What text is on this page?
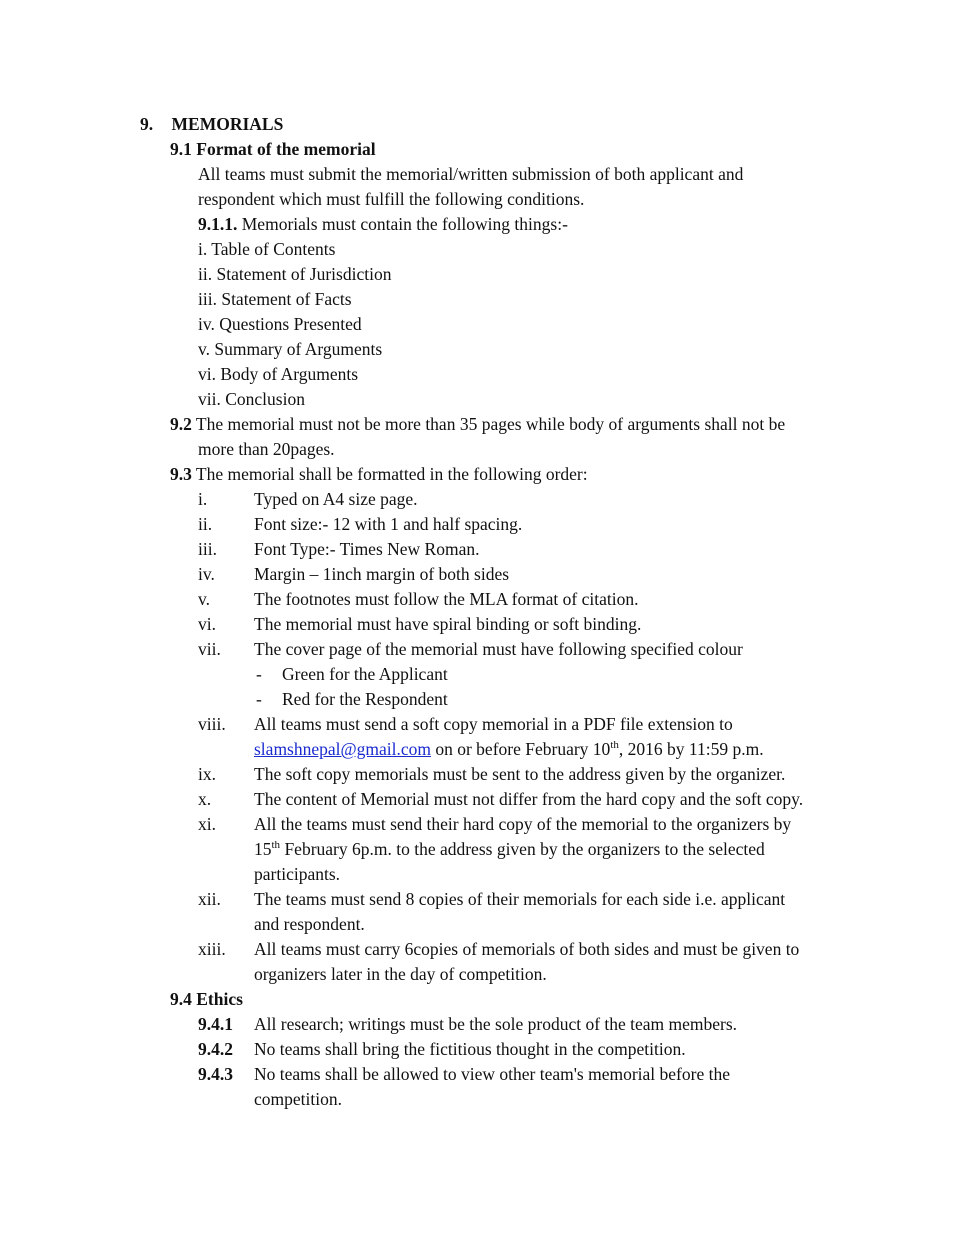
9. MEMORIALS
9.1 Format of the memorial
All teams must submit the memorial/written submission of both applicant and
respondent which must fulfill the following conditions.
9.1.1. Memorials must contain the following things:-
i. Table of Contents
ii. Statement of Jurisdiction
iii. Statement of Facts
iv. Questions Presented
v. Summary of Arguments
vi. Body of Arguments
vii. Conclusion
9.2 The memorial must not be more than 35 pages while body of arguments shall not be
more than 20pages.
9.3 The memorial shall be formatted in the following order:
i.	Typed on A4 size page.
ii. Font size:- 12 with 1 and half spacing.
iii. Font Type:- Times New Roman.
iv. Margin – 1inch margin of both sides
v.	The footnotes must follow the MLA format of citation.
vi. The memorial must have spiral binding or soft binding.
vii. The cover page of the memorial must have following specified colour
- Green for the Applicant
- Red for the Respondent
viii. All teams must send a soft copy memorial in a PDF file extension to
slamshnepal@gmail.com on or before February 10th, 2016 by 11:59 p.m.
ix. The soft copy memorials must be sent to the address given by the organizer.
x. The content of Memorial must not differ from the hard copy and the soft copy.
xi. All the teams must send their hard copy of the memorial to the organizers by
15th February 6p.m. to the address given by the organizers to the selected
participants.
xii. The teams must send 8 copies of their memorials for each side i.e. applicant
and respondent.
xiii. All teams must carry 6copies of memorials of both sides and must be given to
organizers later in the day of competition.
9.4 Ethics
9.4.1 All research; writings must be the sole product of the team members.
9.4.2 No teams shall bring the fictitious thought in the competition.
9.4.3 No teams shall be allowed to view other team's memorial before the
competition.
